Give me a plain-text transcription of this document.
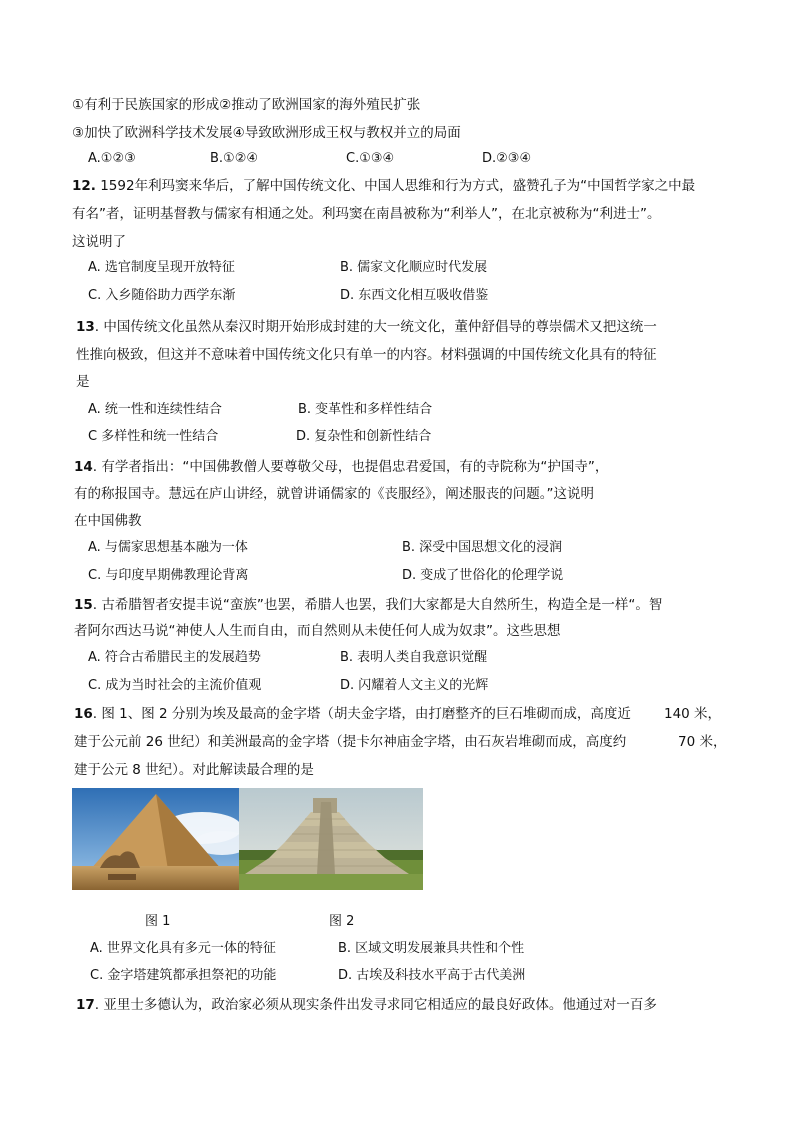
①有利于民族国家的形成②推动了欧洲国家的海外殖民扩张
③加快了欧洲科学技术发展④导致欧洲形成王权与教权并立的局面
A.①②③	B.①②④	C.①③④	D.②③④
12. 1592年利玛窦来华后，了解中国传统文化、中国人思维和行为方式，盛赞孔子为“中国哲学家之中最
有名”者，证明基督教与儒家有相通之处。利玛窦在南昌被称为“利举人”，在北京被称为“利进士”。
这说明了
A. 选官制度呈现开放特征	B. 儒家文化顺应时代发展
C. 入乡随俗助力西学东渐	D. 东西文化相互吸收借鉴
13. 中国传统文化虽然从秦汉时期开始形成封建的大一统文化，董仲舒倡导的尊崇儒术又把这统一
性推向极致，但这并不意味着中国传统文化只有单一的内容。材料强调的中国传统文化具有的特征
是
A. 统一性和连续性结合	B. 变革性和多样性结合
C 多样性和统一性结合	D. 复杂性和创新性结合
14. 有学者指出：“中国佛教僧人要尊敬父母，也提倡忠君爱国，有的寺院称为“护国寺”，
有的称报国寺。慧远在庐山讲经，就曾讲诵儒家的《丧服经》，阐述服丧的问题。”这说明
在中国佛教
A. 与儒家思想基本融为一体	B. 深受中国思想文化的浸润
C. 与印度早期佛教理论背离	D. 变成了世俗化的伦理学说
15. 古希腊智者安提丰说“蛮族”也罢，希腊人也罢，我们大家都是大自然所生，构造全是一样“。智
者阿尔西达马说“神使人人生而自由，而自然则从未使任何人成为奴隶”。这些思想
A. 符合古希腊民主的发展趋势	B. 表明人类自我意识觉醒
C. 成为当时社会的主流价值观	D. 闪耀着人文主义的光辉
16. 图 1、图 2 分别为埃及最高的金字塔（胡夫金字塔，由打磨整齐的巨石堆砌而成，高度近 140 米，
建于公元前 26 世纪）和美洲最高的金字塔（提卡尔神庙金字塔，由石灰岩堆砌而成，高度约	70 米，
建于公元 8 世纪）。对此解读最合理的是
图 1	图 2
A. 世界文化具有多元一体的特征	B. 区域文明发展兼具共性和个性
C. 金字塔建筑都承担祭祀的功能	D. 古埃及科技水平高于古代美洲
17. 亚里士多德认为，政治家必须从现实条件出发寻求同它相适应的最良好政体。他通过对一百多
